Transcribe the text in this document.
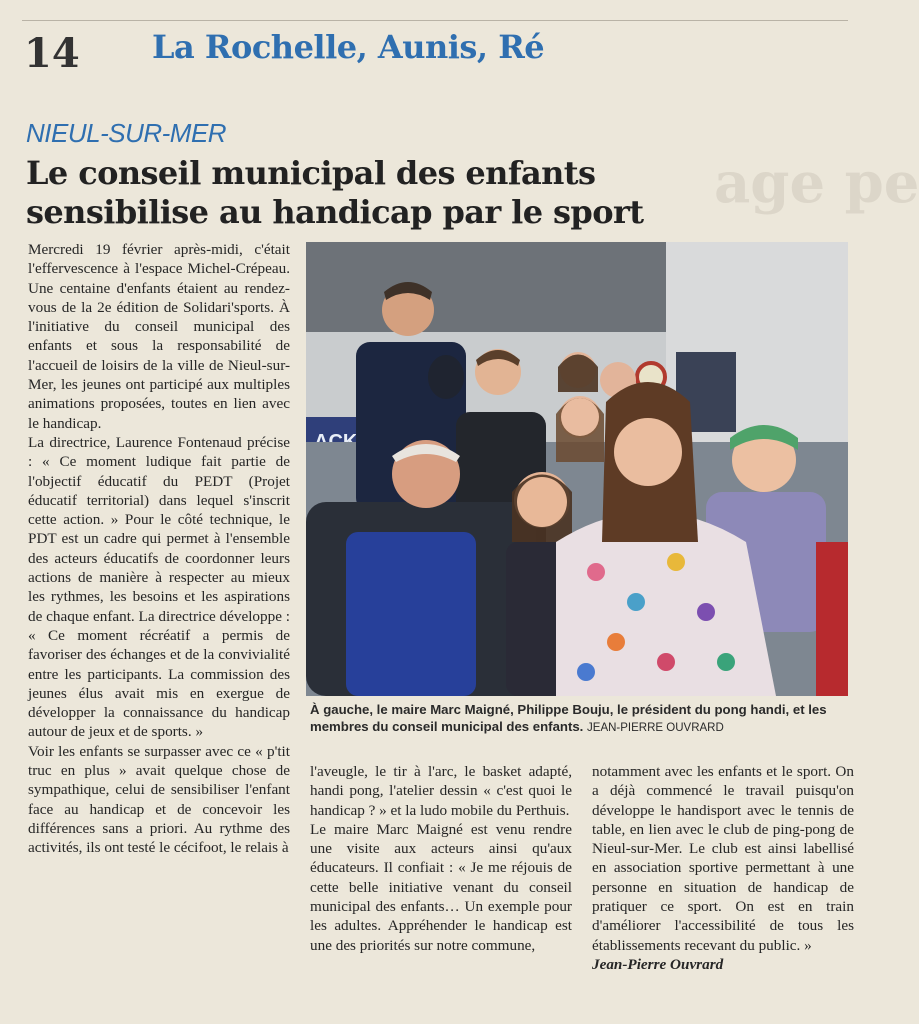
14 La Rochelle, Aunis, Ré
age pe
NIEUL-SUR-MER
Le conseil municipal des enfants
sensibilise au handicap par le sport

Mercredi 19 février après-midi, c'était l'effervescence à l'espace Michel-Crépeau. Une centaine d'enfants étaient au rendez-vous de la 2e édition de Solidari'sports. À l'initiative du conseil municipal des enfants et sous la responsabilité de l'accueil de loisirs de la ville de Nieul-sur-Mer, les jeunes ont participé aux multiples animations proposées, toutes en lien avec le handicap.

La directrice, Laurence Fontenaud précise : « Ce moment ludique fait partie de l'objectif éducatif du PEDT (Projet éducatif territorial) dans lequel s'inscrit cette action. » Pour le côté technique, le PDT est un cadre qui permet à l'ensemble des acteurs éducatifs de coordonner leurs actions de manière à respecter au mieux les rythmes, les besoins et les aspirations de chaque enfant. La directrice développe : « Ce moment récréatif a permis de favoriser des échanges et de la convivialité entre les participants. La commission des jeunes élus avait mis en exergue de développer la connaissance du handicap autour de jeux et de sports. »

Voir les enfants se surpasser avec ce « p'tit truc en plus » avait quelque chose de sympathique, celui de sensibiliser l'enfant face au handicap et de concevoir les différences sans a priori. Au rythme des activités, ils ont testé le cécifoot, le relais à

À gauche, le maire Marc Maigné, Philippe Bouju, le président du pong handi, et les membres du conseil municipal des enfants. JEAN-PIERRE OUVRARD

l'aveugle, le tir à l'arc, le basket adapté, handi pong, l'atelier dessin « c'est quoi le handicap ? » et la ludo mobile du Perthuis.

Le maire Marc Maigné est venu rendre une visite aux acteurs ainsi qu'aux éducateurs. Il confiait : « Je me réjouis de cette belle initiative venant du conseil municipal des enfants… Un exemple pour les adultes. Appréhender le handicap est une des priorités sur notre commune,

notamment avec les enfants et le sport. On a déjà commencé le travail puisqu'on développe le handisport avec le tennis de table, en lien avec le club de ping-pong de Nieul-sur-Mer. Le club est ainsi labellisé en association sportive permettant à une personne en situation de handicap de pratiquer ce sport. On est en train d'améliorer l'accessibilité de tous les établissements recevant du public. »

Jean-Pierre Ouvrard
